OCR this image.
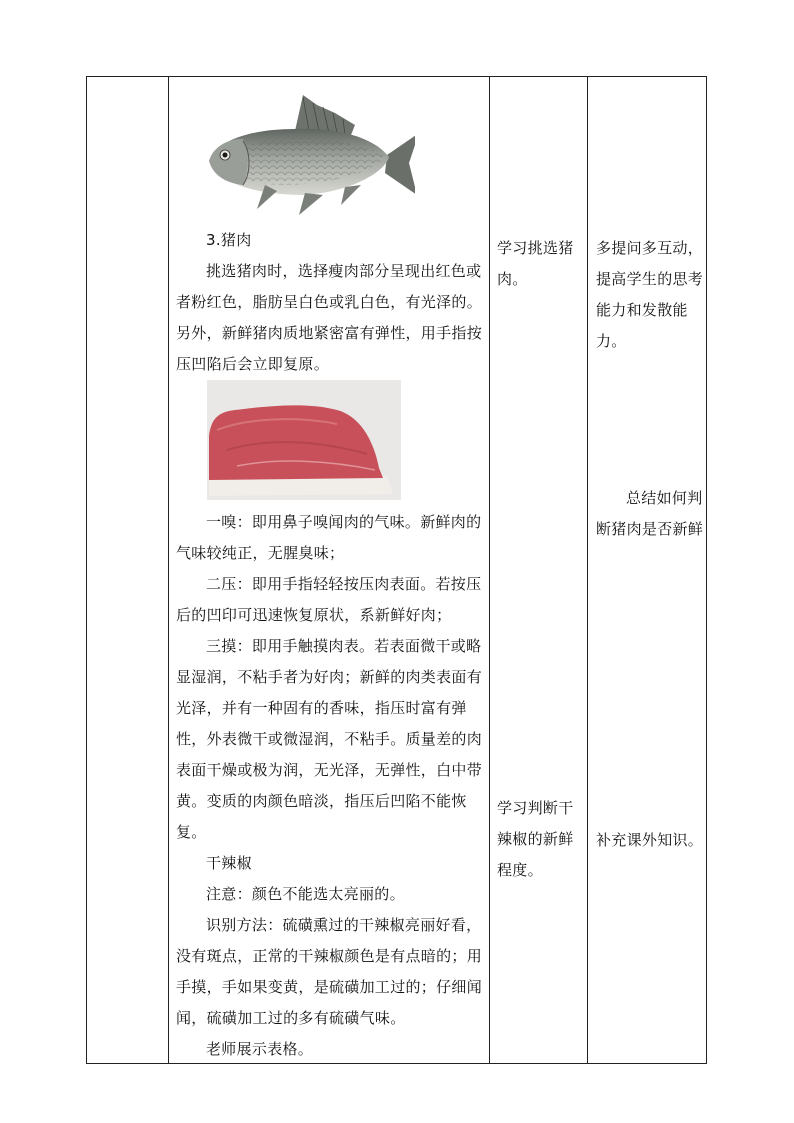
3.猪肉

挑选猪肉时，选择瘦肉部分呈现出红色或者粉红色，脂肪呈白色或乳白色，有光泽的。另外，新鲜猪肉质地紧密富有弹性，用手指按压凹陷后会立即复原。

一嗅：即用鼻子嗅闻肉的气味。新鲜肉的气味较纯正，无腥臭味；

二压：即用手指轻轻按压肉表面。若按压后的凹印可迅速恢复原状，系新鲜好肉；

三摸：即用手触摸肉表。若表面微干或略显湿润，不粘手者为好肉；新鲜的肉类表面有光泽，并有一种固有的香味，指压时富有弹性，外表微干或微湿润，不粘手。质量差的肉表面干燥或极为润，无光泽，无弹性，白中带黄。变质的肉颜色暗淡，指压后凹陷不能恢复。

干辣椒

注意：颜色不能选太亮丽的。

识别方法：硫磺熏过的干辣椒亮丽好看，没有斑点，正常的干辣椒颜色是有点暗的；用手摸，手如果变黄，是硫磺加工过的；仔细闻闻，硫磺加工过的多有硫磺气味。

老师展示表格。

学习挑选猪肉。
学习判断干辣椒的新鲜程度。
多提问多互动，提高学生的思考能力和发散能力。
总结如何判断猪肉是否新鲜
补充课外知识。
